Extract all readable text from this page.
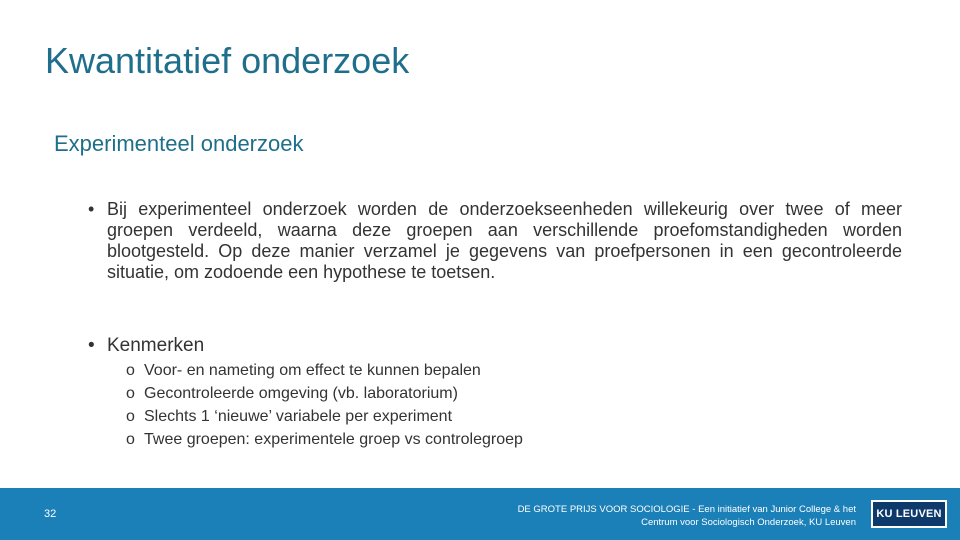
Kwantitatief onderzoek
Experimenteel onderzoek
• Bij experimenteel onderzoek worden de onderzoekseenheden willekeurig over twee of meer groepen verdeeld, waarna deze groepen aan verschillende proefomstandigheden worden blootgesteld. Op deze manier verzamel je gegevens van proefpersonen in een gecontroleerde situatie, om zodoende een hypothese te toetsen.
• Kenmerken
o Voor- en nameting om effect te kunnen bepalen
o Gecontroleerde omgeving (vb. laboratorium)
o Slechts 1 ‘nieuwe’ variabele per experiment
o Twee groepen: experimentele groep vs controlegroep
32	DE GROTE PRIJS VOOR SOCIOLOGIE - Een initiatief van Junior College & het
Centrum voor Sociologisch Onderzoek, KU Leuven
KU LEUVEN
